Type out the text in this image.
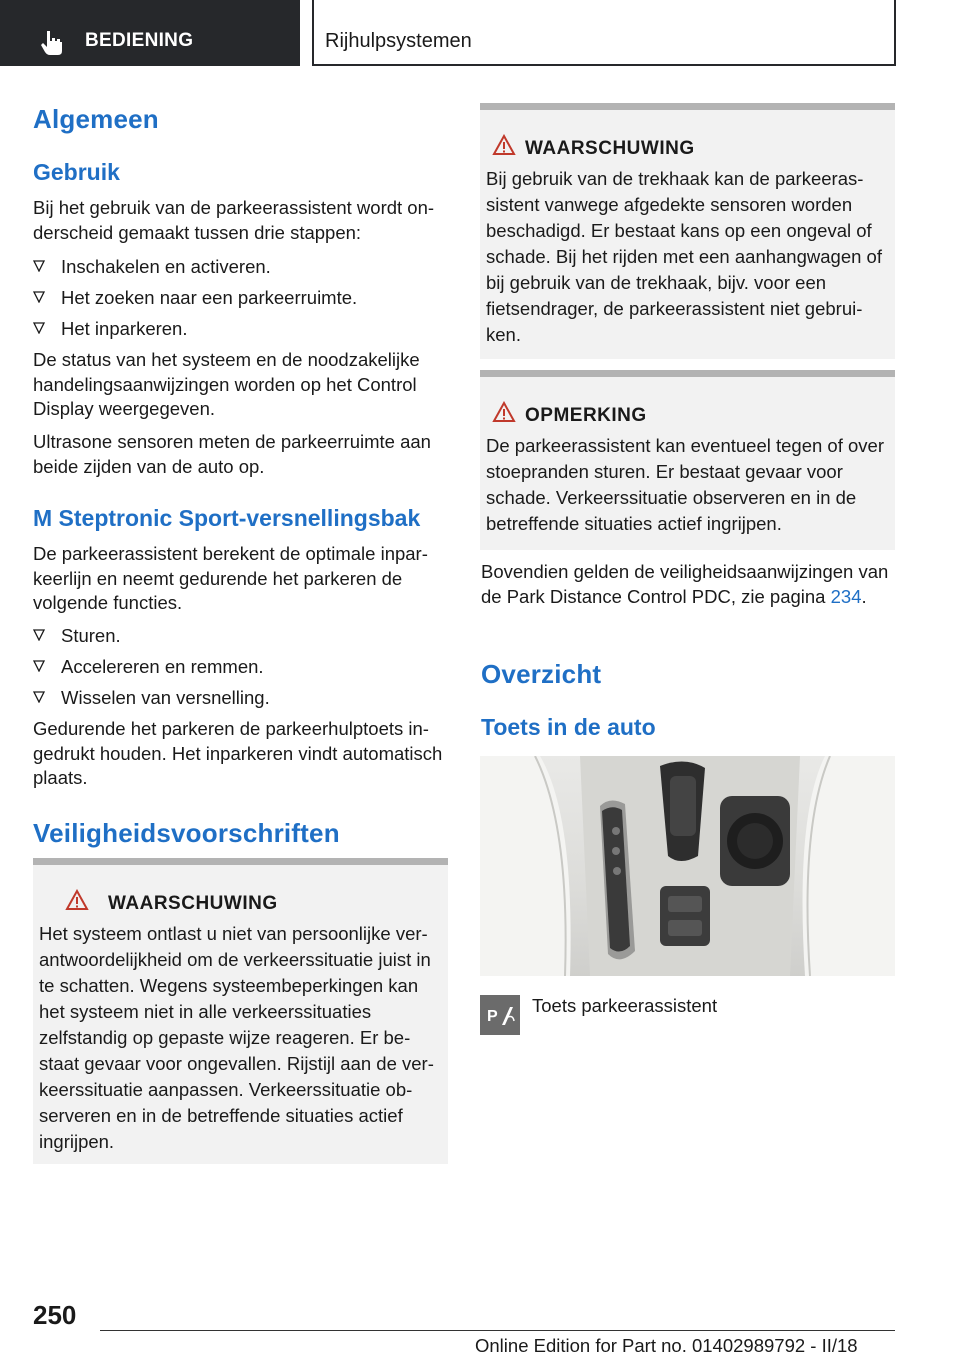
BEDIENING	Rijhulpsystemen
Algemeen
Gebruik
Bij het gebruik van de parkeerassistent wordt onderscheid gemaakt tussen drie stappen:
Inschakelen en activeren.
Het zoeken naar een parkeerruimte.
Het inparkeren.
De status van het systeem en de noodzakelijke handelingsaanwijzingen worden op het Control Display weergegeven.
Ultrasone sensoren meten de parkeerruimte aan beide zijden van de auto op.
M Steptronic Sport-versnellingsbak
De parkeerassistent berekent de optimale inparkeerlijn en neemt gedurende het parkeren de volgende functies.
Sturen.
Accelereren en remmen.
Wisselen van versnelling.
Gedurende het parkeren de parkeerhulptoets ingedrukt houden. Het inparkeren vindt automatisch plaats.
Veiligheidsvoorschriften
WAARSCHUWING
Het systeem ontlast u niet van persoonlijke verantwoordelijkheid om de verkeerssituatie juist in te schatten. Wegens systeembeperkingen kan het systeem niet in alle verkeerssituaties zelfstandig op gepaste wijze reageren. Er bestaat gevaar voor ongevallen. Rijstijl aan de verkeerssituatie aanpassen. Verkeerssituatie observeren en in de betreffende situaties actief ingrijpen.
WAARSCHUWING
Bij gebruik van de trekhaak kan de parkeerassistent vanwege afgedekte sensoren worden beschadigd. Er bestaat kans op een ongeval of schade. Bij het rijden met een aanhangwagen of bij gebruik van de trekhaak, bijv. voor een fietsendrager, de parkeerassistent niet gebruiken.
OPMERKING
De parkeerassistent kan eventueel tegen of over stoepranden sturen. Er bestaat gevaar voor schade. Verkeerssituatie observeren en in de betreffende situaties actief ingrijpen.
Bovendien gelden de veiligheidsaanwijzingen van de Park Distance Control PDC, zie pagina 234.
Overzicht
Toets in de auto
P
Toets parkeerassistent
250
Online Edition for Part no. 01402989792 - II/18
